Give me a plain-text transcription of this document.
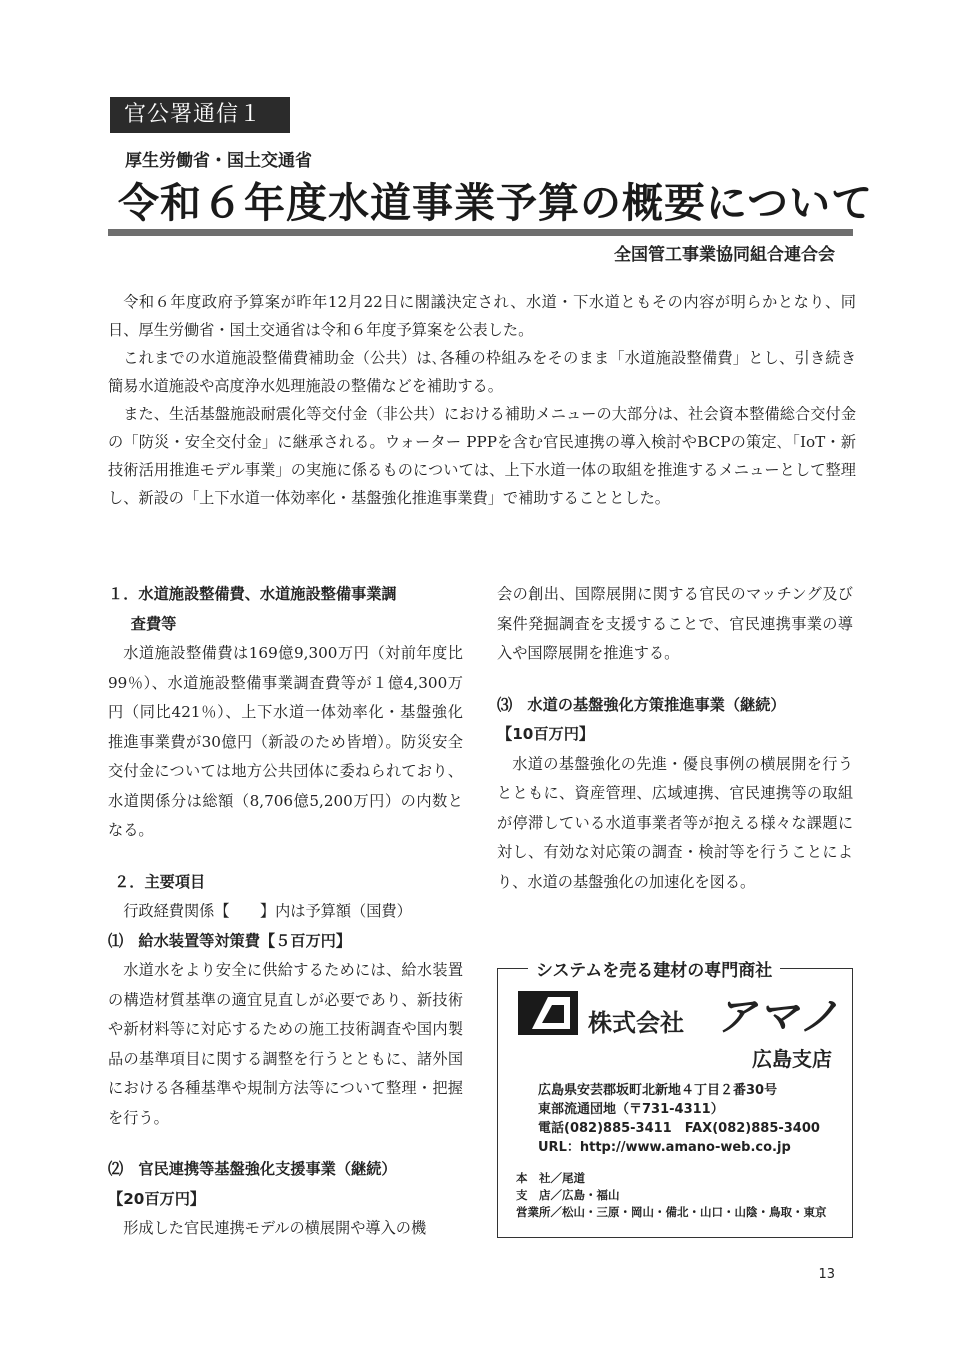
官公署通信１
厚生労働省・国土交通省
令和６年度水道事業予算の概要について
全国管工事業協同組合連合会

令和６年度政府予算案が昨年12月22日に閣議決定され、水道・下水道ともその内容が明らかとなり、同日、厚生労働省・国土交通省は令和６年度予算案を公表した。

これまでの水道施設整備費補助金（公共）は､各種の枠組みをそのまま「水道施設整備費」とし、引き続き簡易水道施設や高度浄水処理施設の整備などを補助する。

また、生活基盤施設耐震化等交付金（非公共）における補助メニューの大部分は、社会資本整備総合交付金の「防災・安全交付金」に継承される。ウォーター PPPを含む官民連携の導入検討やBCPの策定､「IoT・新技術活用推進モデル事業」の実施に係るものについては、上下水道一体の取組を推進するメニューとして整理し、新設の「上下水道一体効率化・基盤強化推進事業費」で補助することとした。

１．水道施設整備費、水道施設整備事業調

査費等

水道施設整備費は169億9,300万円（対前年度比99％）、水道施設整備事業調査費等が１億4,300万円（同比421％）、上下水道一体効率化・基盤強化推進事業費が30億円（新設のため皆増）。防災安全交付金については地方公共団体に委ねられており、水道関係分は総額（8,706億5,200万円）の内数となる。

２．主要項目

行政経費関係【　　】内は予算額（国費）

⑴　給水装置等対策費【５百万円】

水道水をより安全に供給するためには、給水装置の構造材質基準の適宜見直しが必要であり、新技術や新材料等に対応するための施工技術調査や国内製品の基準項目に関する調整を行うとともに、諸外国における各種基準や規制方法等について整理・把握を行う。

⑵　官民連携等基盤強化支援事業（継続）

【20百万円】

形成した官民連携モデルの横展開や導入の機

会の創出、国際展開に関する官民のマッチング及び案件発掘調査を支援することで、官民連携事業の導入や国際展開を推進する。

⑶　水道の基盤強化方策推進事業（継続）

【10百万円】

水道の基盤強化の先進・優良事例の横展開を行うとともに、資産管理、広域連携、官民連携等の取組が停滞している水道事業者等が抱える様々な課題に対し、有効な対応策の調査・検討等を行うことにより、水道の基盤強化の加速化を図る。

システムを売る建材の専門商社
株式会社 アマノ
広島支店
広島県安芸郡坂町北新地４丁目２番30号
東部流通団地（〒731-4311）
電話(082)885-3411　FAX(082)885-3400
URL：http://www.amano-web.co.jp
本　社／尾道
支　店／広島・福山
営業所／松山・三原・岡山・備北・山口・山陰・鳥取・東京
13
